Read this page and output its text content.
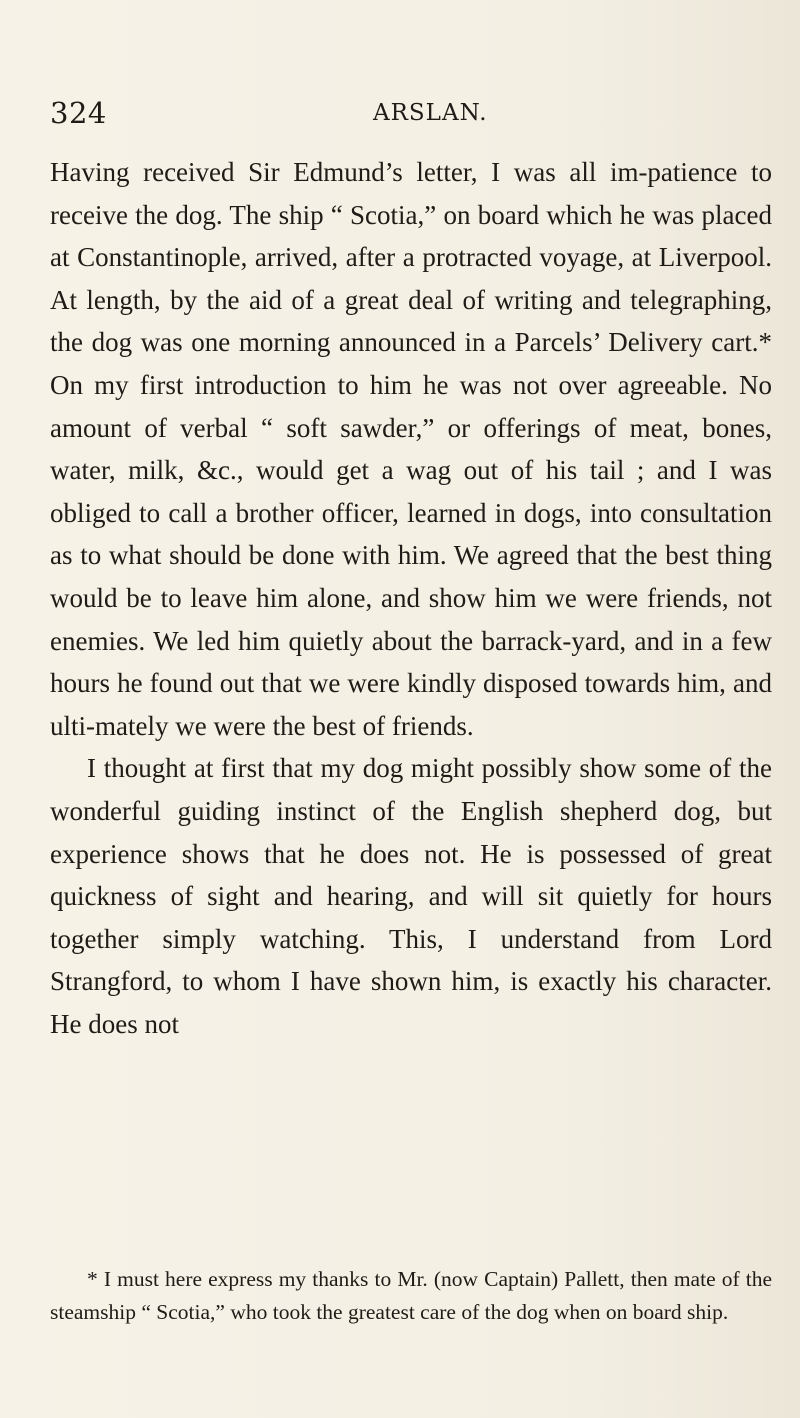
324	ARSLAN.

Having received Sir Edmund’s letter, I was all im-patience to receive the dog. The ship “ Scotia,” on board which he was placed at Constantinople, arrived, after a protracted voyage, at Liverpool. At length, by the aid of a great deal of writing and telegraphing, the dog was one morning announced in a Parcels’ Delivery cart.* On my first introduction to him he was not over agreeable. No amount of verbal “ soft sawder,” or offerings of meat, bones, water, milk, &c., would get a wag out of his tail ; and I was obliged to call a brother officer, learned in dogs, into consultation as to what should be done with him. We agreed that the best thing would be to leave him alone, and show him we were friends, not enemies. We led him quietly about the barrack-yard, and in a few hours he found out that we were kindly disposed towards him, and ulti-mately we were the best of friends.

I thought at first that my dog might possibly show some of the wonderful guiding instinct of the English shepherd dog, but experience shows that he does not. He is possessed of great quickness of sight and hearing, and will sit quietly for hours together simply watching. This, I understand from Lord Strangford, to whom I have shown him, is exactly his character. He does not

* I must here express my thanks to Mr. (now Captain) Pallett, then mate of the steamship “ Scotia,” who took the greatest care of the dog when on board ship.
